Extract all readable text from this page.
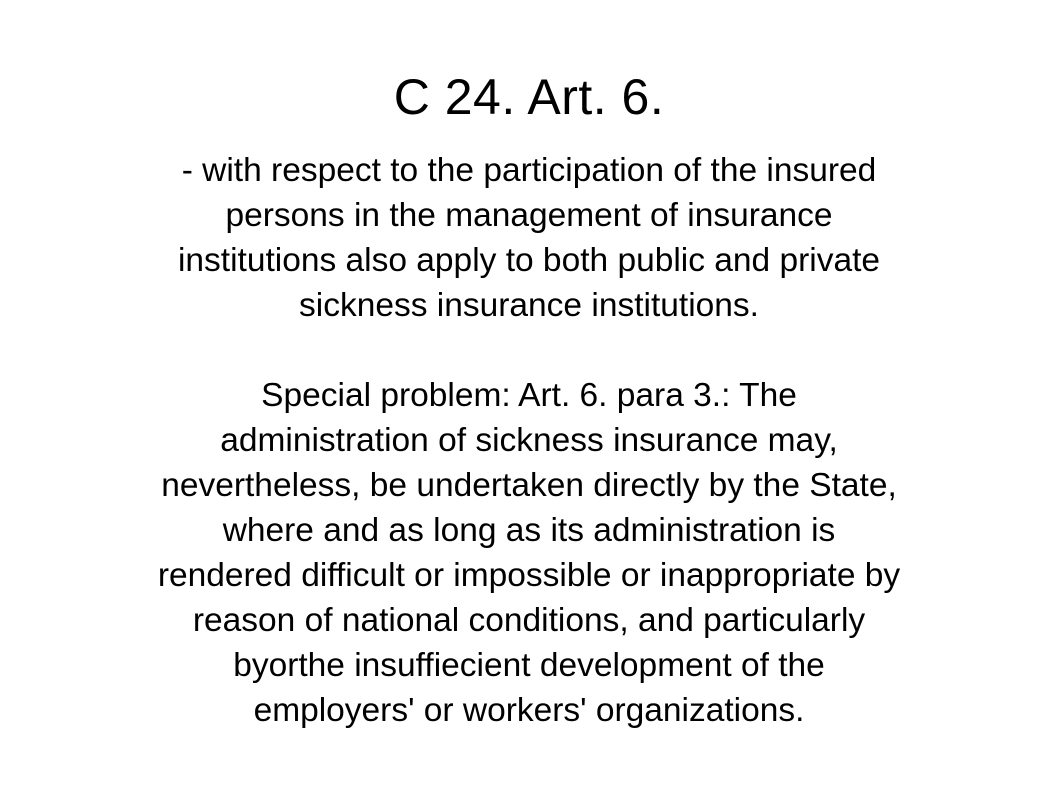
C 24. Art. 6.

- with respect to the participation of the insured
persons in the management of insurance
institutions also apply to both public and private
sickness insurance institutions.

Special problem: Art. 6. para 3.: The
administration of sickness insurance may,
nevertheless, be undertaken directly by the State,
where and as long as its administration is
rendered difficult or impossible or inappropriate by
reason of national conditions, and particularly
byorthe insuffiecient development of the
employers' or workers' organizations.
